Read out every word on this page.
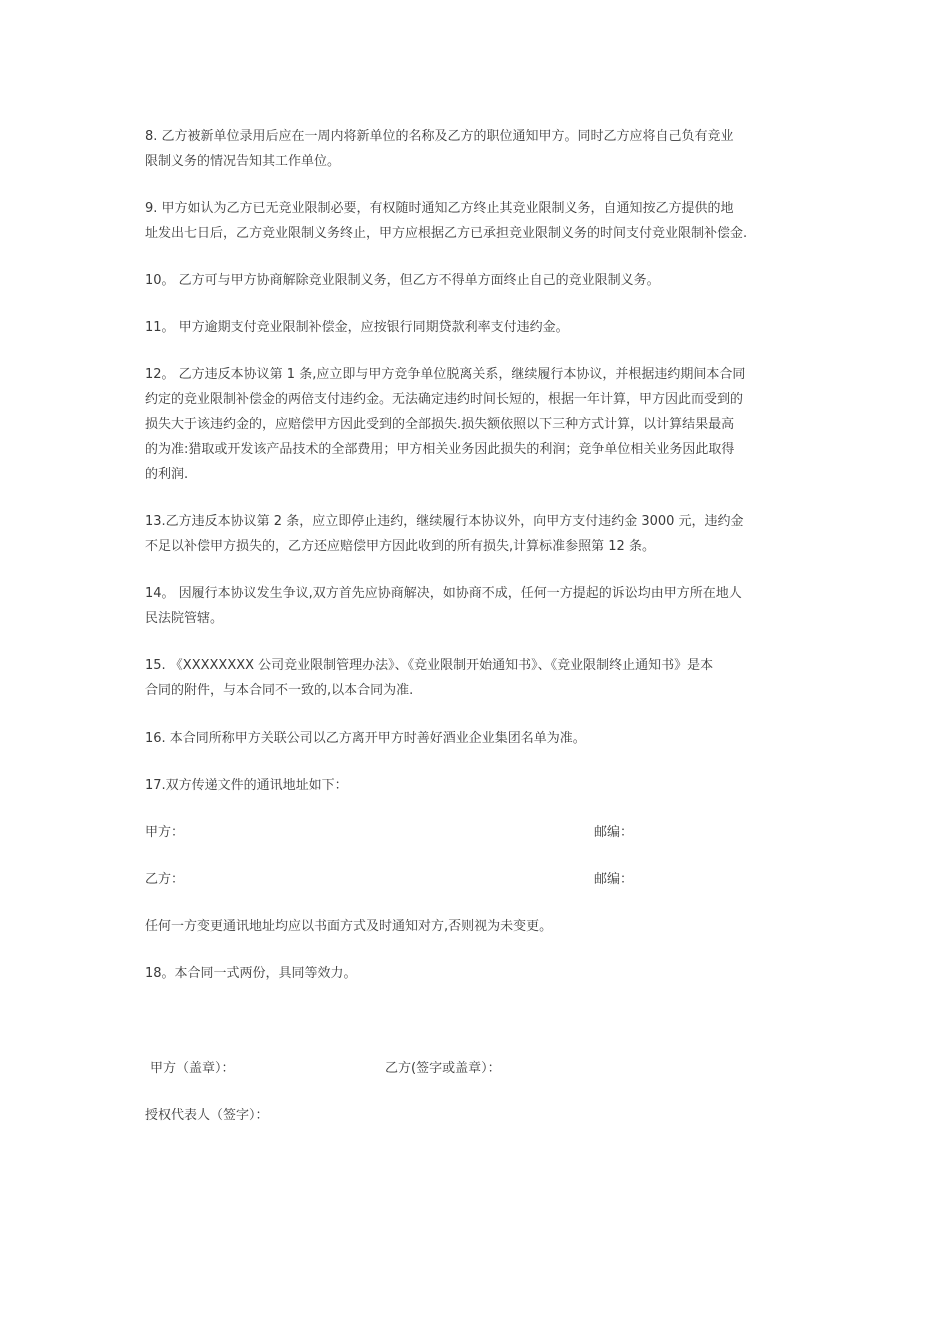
8. 乙方被新单位录用后应在一周内将新单位的名称及乙方的职位通知甲方。同时乙方应将自己负有竞业
限制义务的情况告知其工作单位。

9. 甲方如认为乙方已无竞业限制必要，有权随时通知乙方终止其竞业限制义务，自通知按乙方提供的地
址发出七日后，乙方竞业限制义务终止，甲方应根据乙方已承担竞业限制义务的时间支付竞业限制补偿金.

10。 乙方可与甲方协商解除竞业限制义务，但乙方不得单方面终止自己的竞业限制义务。

11。 甲方逾期支付竞业限制补偿金，应按银行同期贷款利率支付违约金。

12。 乙方违反本协议第 1 条,应立即与甲方竞争单位脱离关系，继续履行本协议，并根据违约期间本合同
约定的竞业限制补偿金的两倍支付违约金。无法确定违约时间长短的，根据一年计算，甲方因此而受到的
损失大于该违约金的，应赔偿甲方因此受到的全部损失.损失额依照以下三种方式计算，以计算结果最高
的为准:猎取或开发该产品技术的全部费用；甲方相关业务因此损失的利润；竞争单位相关业务因此取得
的利润.

13.乙方违反本协议第 2 条，应立即停止违约，继续履行本协议外，向甲方支付违约金 3000 元，违约金
不足以补偿甲方损失的，乙方还应赔偿甲方因此收到的所有损失,计算标准参照第 12 条。

14。 因履行本协议发生争议,双方首先应协商解决，如协商不成，任何一方提起的诉讼均由甲方所在地人
民法院管辖。

15. 《XXXXXXXX 公司竞业限制管理办法》、《竞业限制开始通知书》、《竞业限制终止通知书》是本
合同的附件，与本合同不一致的,以本合同为准.

16. 本合同所称甲方关联公司以乙方离开甲方时善好酒业企业集团名单为准。

17.双方传递文件的通讯地址如下：

甲方：	邮编：
乙方：	邮编：

任何一方变更通讯地址均应以书面方式及时通知对方,否则视为未变更。

18。本合同一式两份，具同等效力。

甲方（盖章）：	乙方(签字或盖章）：
授权代表人（签字）：
